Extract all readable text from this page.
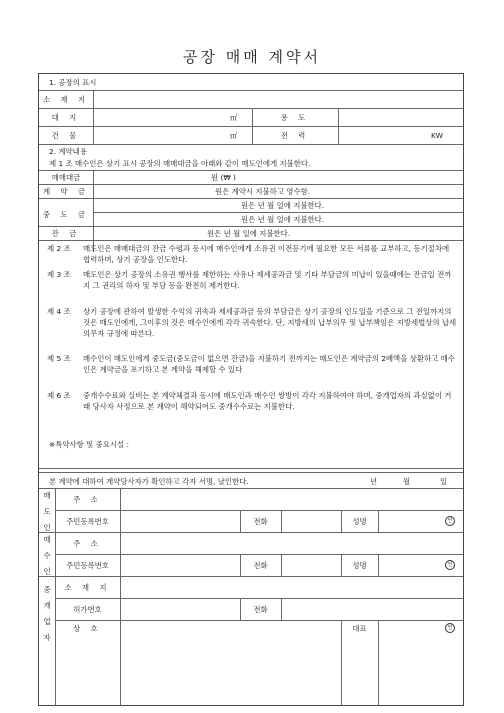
공장 매매 계약서
1. 공장의 표시
소 재 지
대 지	㎡	용 도
건 물	㎡	전 력	KW
2. 계약내용
제 1 조 매수인은 상기 표시 공장의 매매대금을 아래와 같이 매도인에게 지불한다.
매매대금	원 (₩ )
계 약 금	원은 계약시 지불하고 영수함.
중 도 금
원은 년 월 일에 지불한다.
원은 년 월 일에 지불한다.
잔 금	원은 년 월 일에 지불한다.
제 2 조 매도인은 매매대금의 잔금 수령과 동시에 매수인에게 소유권 이전등기에 필요한 모든 서류를 교부하고, 등기절차에 협력하며, 상기 공장을 인도한다.
제 3 조 매도인은 상기 공장의 소유권 행사를 제한하는 사유나 제세공과금 및 기타 부담금의 미납이 있을때에는 잔금일 전까지 그 권리의 하자 및 부담 등을 완전히 제거한다.
제 4 조 상기 공장에 관하여 발생한 수익의 귀속과 제세공과금 등의 부담금은 상기 공장의 인도일을 기준으로 그 전일까지의 것은 매도인에게, 그이후의 것은 매수인에게 각각 귀속한다. 단, 지방세의 납부의무 및 납부책임은 지방세법상의 납세의무자 규정에 따른다.
제 5 조 매수인이 매도인에게 중도금(중도금이 없으면 잔금)을 지불하기 전까지는 매도인은 계약금의 2배액을 상환하고 매수인은 계약금을 포기하고 본 계약을 해제할 수 있다
제 6 조 중개수수료와 실비는 본 계약체결과 동시에 매도인과 매수인 쌍방이 각각 지불하여야 하며, 중개업자의 과실없이 거래 당사자 사정으로 본 계약이 해약되어도 중개수수료는 지불한다.
※특약사항 및 중요시설 :
본 계약에 대하여 계약당사자가 확인하고 각자 서명, 날인한다.	년	월	일
매도인
주 소
주민등록번호	전화	성명	인
매수인
주 소
주민등록번호	전화	성명	인
중개업자
소 재 지
허가번호	전화
상 호	대표	인
